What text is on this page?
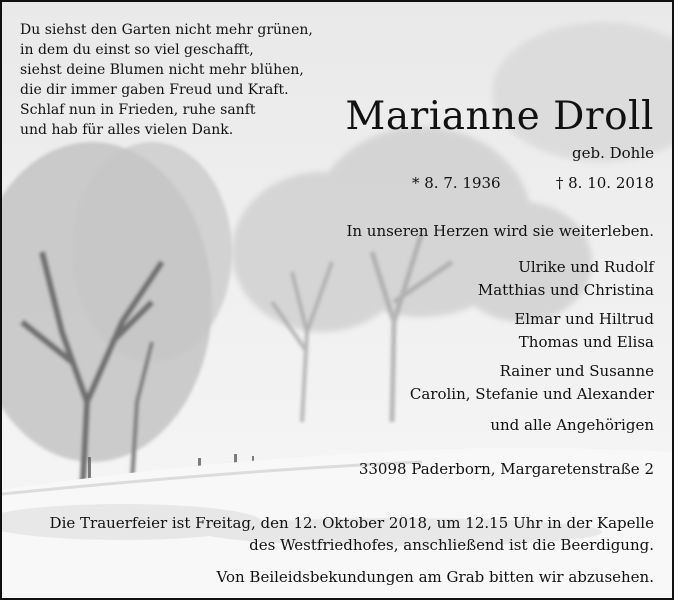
Du siehst den Garten nicht mehr grünen,
in dem du einst so viel geschafft,
siehst deine Blumen nicht mehr blühen,
die dir immer gaben Freud und Kraft.
Schlaf nun in Frieden, ruhe sanft
und hab für alles vielen Dank.	Marianne Droll
geb. Dohle
* 8. 7. 1936	† 8. 10. 2018
In unseren Herzen wird sie weiterleben.
Ulrike und Rudolf
Matthias und Christina
Elmar und Hiltrud
Thomas und Elisa
Rainer und Susanne
Carolin, Stefanie und Alexander
und alle Angehörigen
33098 Paderborn, Margaretenstraße 2
Die Trauerfeier ist Freitag, den 12. Oktober 2018, um 12.15 Uhr in der Kapelle
des Westfriedhofes, anschließend ist die Beerdigung.
Von Beileidsbekundungen am Grab bitten wir abzusehen.
